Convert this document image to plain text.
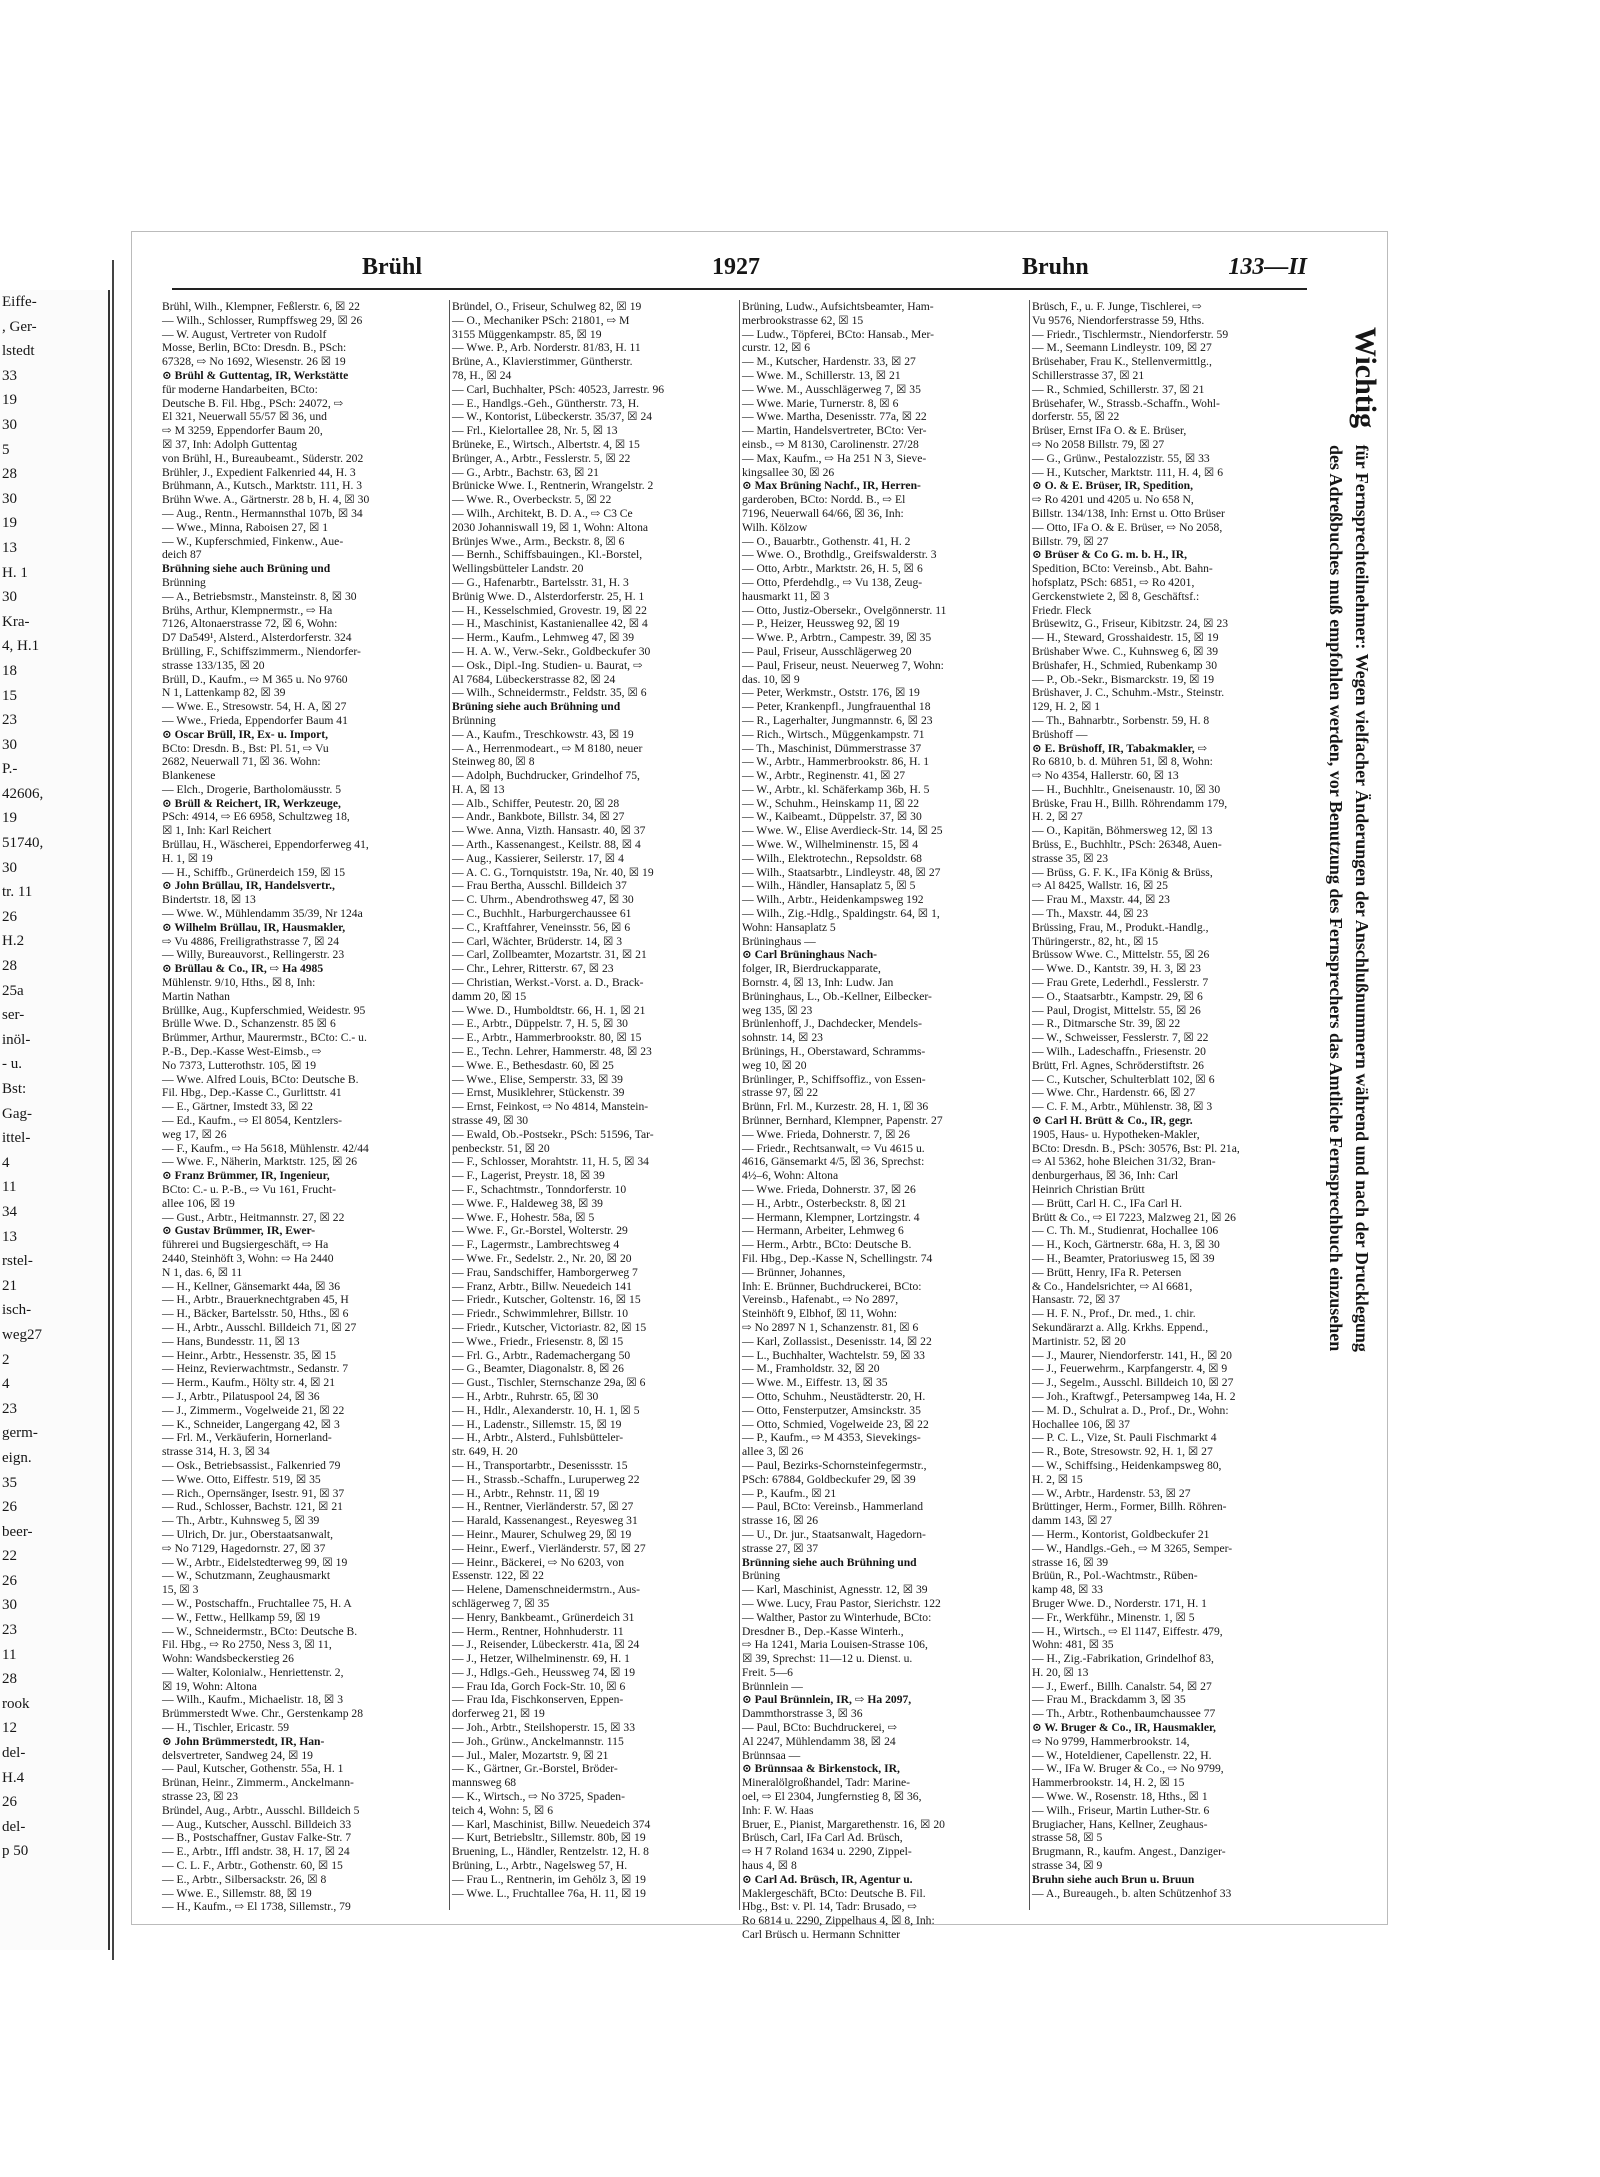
Eiffe-
, Ger-
lstedt
33
19
30
5
28
30
19
13
H. 1
30
Kra-
4, H.1
18
15
23
30
P.-
42606,
19
51740,
30
tr. 11
26
H.2
28
25a
ser-
inöl-
- u.
Bst:
Gag-
ittel-
4
11
34
13
rstel-
21
isch-
weg27
2
4
23
germ-
eign.
35
26
beer-
22
26
30
23
11
28
rook
12
del-
H.4
26
del-
p 50
Brühl	1927	Bruhn	133—II
Brühl, Wilh., Klempner, Feßlerstr. 6, ☒ 22
— Wilh., Schlosser, Rumpffsweg 29, ☒ 26
— W. August, Vertreter von Rudolf
Mosse, Berlin, BCto: Dresdn. B., PSch:
67328, ⇨ No 1692, Wiesenstr. 26 ☒ 19
⊙ Brühl & Guttentag, IR, Werkstätte
für moderne Handarbeiten, BCto:
Deutsche B. Fil. Hbg., PSch: 24072, ⇨
El 321, Neuerwall 55/57 ☒ 36, und
⇨ M 3259, Eppendorfer Baum 20,
☒ 37, Inh: Adolph Guttentag
von Brühl, H., Bureaubeamt., Süderstr. 202
Brühler, J., Expedient Falkenried 44, H. 3
Brühmann, A., Kutsch., Marktstr. 111, H. 3
Brühn Wwe. A., Gärtnerstr. 28 b, H. 4, ☒ 30
— Aug., Rentn., Hermannsthal 107b, ☒ 34
— Wwe., Minna, Raboisen 27, ☒ 1
— W., Kupferschmied, Finkenw., Aue-
deich 87
Brühning siehe auch Brüning und
Brünning
— A., Betriebsmstr., Mansteinstr. 8, ☒ 30
Brühs, Arthur, Klempnermstr., ⇨ Ha
7126, Altonaerstrasse 72, ☒ 6, Wohn:
D7 Da549¹, Alsterd., Alsterdorferstr. 324
Brülling, F., Schiffszimmerm., Niendorfer-
strasse 133/135, ☒ 20
Brüll, D., Kaufm., ⇨ M 365 u. No 9760
N 1, Lattenkamp 82, ☒ 39
— Wwe. E., Stresowstr. 54, H. A, ☒ 27
— Wwe., Frieda, Eppendorfer Baum 41
⊙ Oscar Brüll, IR, Ex- u. Import,
BCto: Dresdn. B., Bst: Pl. 51, ⇨ Vu
2682, Neuerwall 71, ☒ 36. Wohn:
Blankenese
— Elch., Drogerie, Bartholomäusstr. 5
⊙ Brüll & Reichert, IR, Werkzeuge,
PSch: 4914, ⇨ E6 6958, Schultzweg 18,
☒ 1, Inh: Karl Reichert
Brüllau, H., Wäscherei, Eppendorferweg 41,
H. 1, ☒ 19
— H., Schiffb., Grünerdeich 159, ☒ 15
⊙ John Brüllau, IR, Handelsvertr.,
Bindertstr. 18, ☒ 13
— Wwe. W., Mühlendamm 35/39, Nr 124a
⊙ Wilhelm Brüllau, IR, Hausmakler,
⇨ Vu 4886, Freiligrathstrasse 7, ☒ 24
— Willy, Bureauvorst., Rellingerstr. 23
⊙ Brüllau & Co., IR, ⇨ Ha 4985
Mühlenstr. 9/10, Hths., ☒ 8, Inh:
Martin Nathan
Brüllke, Aug., Kupferschmied, Weidestr. 95
Brülle Wwe. D., Schanzenstr. 85 ☒ 6
Brümmer, Arthur, Maurermstr., BCto: C.- u.
P.-B., Dep.-Kasse West-Eimsb., ⇨
No 7373, Lutterothstr. 105, ☒ 19
— Wwe. Alfred Louis, BCto: Deutsche B.
Fil. Hbg., Dep.-Kasse C., Gurlittstr. 41
— E., Gärtner, Imstedt 33, ☒ 22
— Ed., Kaufm., ⇨ El 8054, Kentzlers-
weg 17, ☒ 26
— F., Kaufm., ⇨ Ha 5618, Mühlenstr. 42/44
— Wwe. F., Näherin, Marktstr. 125, ☒ 26
⊙ Franz Brümmer, IR, Ingenieur,
BCto: C.- u. P.-B., ⇨ Vu 161, Frucht-
allee 106, ☒ 19
— Gust., Arbtr., Heitmannstr. 27, ☒ 22
⊙ Gustav Brümmer, IR, Ewer-
führerei und Bugsiergeschäft, ⇨ Ha
2440, Steinhöft 3, Wohn: ⇨ Ha 2440
N 1, das. 6, ☒ 11
— H., Kellner, Gänsemarkt 44a, ☒ 36
— H., Arbtr., Brauerknechtgraben 45, H
— H., Bäcker, Bartelsstr. 50, Hths., ☒ 6
— H., Arbtr., Ausschl. Billdeich 71, ☒ 27
— Hans, Bundesstr. 11, ☒ 13
— Heinr., Arbtr., Hessenstr. 35, ☒ 15
— Heinz, Revierwachtmstr., Sedanstr. 7
— Herm., Kaufm., Hölty str. 4, ☒ 21
— J., Arbtr., Pilatuspool 24, ☒ 36
— J., Zimmerm., Vogelweide 21, ☒ 22
— K., Schneider, Langergang 42, ☒ 3
— Frl. M., Verkäuferin, Hornerland-
strasse 314, H. 3, ☒ 34
— Osk., Betriebsassist., Falkenried 79
— Wwe. Otto, Eiffestr. 519, ☒ 35
— Rich., Opernsänger, Isestr. 91, ☒ 37
— Rud., Schlosser, Bachstr. 121, ☒ 21
— Th., Arbtr., Kuhnsweg 5, ☒ 39
— Ulrich, Dr. jur., Oberstaatsanwalt,
⇨ No 7129, Hagedornstr. 27, ☒ 37
— W., Arbtr., Eidelstedterweg 99, ☒ 19
— W., Schutzmann, Zeughausmarkt
15, ☒ 3
— W., Postschaffn., Fruchtallee 75, H. A
— W., Fettw., Hellkamp 59, ☒ 19
— W., Schneidermstr., BCto: Deutsche B.
Fil. Hbg., ⇨ Ro 2750, Ness 3, ☒ 11,
Wohn: Wandsbeckerstieg 26
— Walter, Kolonialw., Henriettenstr. 2,
☒ 19, Wohn: Altona
— Wilh., Kaufm., Michaelistr. 18, ☒ 3
Brümmerstedt Wwe. Chr., Gerstenkamp 28
— H., Tischler, Ericastr. 59
⊙ John Brümmerstedt, IR, Han-
delsvertreter, Sandweg 24, ☒ 19
— Paul, Kutscher, Gothenstr. 55a, H. 1
Brünan, Heinr., Zimmerm., Anckelmann-
strasse 23, ☒ 23
Bründel, Aug., Arbtr., Ausschl. Billdeich 5
— Aug., Kutscher, Ausschl. Billdeich 33
— B., Postschaffner, Gustav Falke-Str. 7
— E., Arbtr., Iffl andstr. 38, H. 17, ☒ 24
— C. L. F., Arbtr., Gothenstr. 60, ☒ 15
— E., Arbtr., Silbersackstr. 26, ☒ 8
— Wwe. E., Sillemstr. 88, ☒ 19
— H., Kaufm., ⇨ El 1738, Sillemstr., 79
Bründel, O., Friseur, Schulweg 82, ☒ 19
— O., Mechaniker PSch: 21801, ⇨ M
3155 Müggenkampstr. 85, ☒ 19
— Wwe. P., Arb. Norderstr. 81/83, H. 11
Brüne, A., Klavierstimmer, Güntherstr.
78, H., ☒ 24
— Carl, Buchhalter, PSch: 40523, Jarrestr. 96
— E., Handlgs.-Geh., Güntherstr. 73, H.
— W., Kontorist, Lübeckerstr. 35/37, ☒ 24
— Frl., Kielortallee 28, Nr. 5, ☒ 13
Brüneke, E., Wirtsch., Albertstr. 4, ☒ 15
Brünger, A., Arbtr., Fesslerstr. 5, ☒ 22
— G., Arbtr., Bachstr. 63, ☒ 21
Brünicke Wwe. I., Rentnerin, Wrangelstr. 2
— Wwe. R., Overbeckstr. 5, ☒ 22
— Wilh., Architekt, B. D. A., ⇨ C3 Ce
2030 Johanniswall 19, ☒ 1, Wohn: Altona
Brünjes Wwe., Arm., Beckstr. 8, ☒ 6
— Bernh., Schiffsbauingen., Kl.-Borstel,
Wellingsbütteler Landstr. 20
— G., Hafenarbtr., Bartelsstr. 31, H. 3
Brünig Wwe. D., Alsterdorferstr. 25, H. 1
— H., Kesselschmied, Grovestr. 19, ☒ 22
— H., Maschinist, Kastanienallee 42, ☒ 4
— Herm., Kaufm., Lehmweg 47, ☒ 39
— H. A. W., Verw.-Sekr., Goldbeckufer 30
— Osk., Dipl.-Ing. Studien- u. Baurat, ⇨
Al 7684, Lübeckerstrasse 82, ☒ 24
— Wilh., Schneidermstr., Feldstr. 35, ☒ 6
Brüning siehe auch Brühning und
Brünning
— A., Kaufm., Treschkowstr. 43, ☒ 19
— A., Herrenmodeart., ⇨ M 8180, neuer
Steinweg 80, ☒ 8
— Adolph, Buchdrucker, Grindelhof 75,
H. A, ☒ 13
— Alb., Schiffer, Peutestr. 20, ☒ 28
— Andr., Bankbote, Billstr. 34, ☒ 27
— Wwe. Anna, Vizth. Hansastr. 40, ☒ 37
— Arth., Kassenangest., Keilstr. 88, ☒ 4
— Aug., Kassierer, Seilerstr. 17, ☒ 4
— A. C. G., Tornquiststr. 19a, Nr. 40, ☒ 19
— Frau Bertha, Ausschl. Billdeich 37
— C. Uhrm., Abendrothsweg 47, ☒ 30
— C., Buchhlt., Harburgerchaussee 61
— C., Kraftfahrer, Veneinsstr. 56, ☒ 6
— Carl, Wächter, Brüderstr. 14, ☒ 3
— Carl, Zollbeamter, Mozartstr. 31, ☒ 21
— Chr., Lehrer, Ritterstr. 67, ☒ 23
— Christian, Werkst.-Vorst. a. D., Brack-
damm 20, ☒ 15
— Wwe. D., Humboldtstr. 66, H. 1, ☒ 21
— E., Arbtr., Düppelstr. 7, H. 5, ☒ 30
— E., Arbtr., Hammerbrookstr. 80, ☒ 15
— E., Techn. Lehrer, Hammerstr. 48, ☒ 23
— Wwe. E., Bethesdastr. 60, ☒ 25
— Wwe., Elise, Semperstr. 33, ☒ 39
— Ernst, Musiklehrer, Stückenstr. 39
— Ernst, Feinkost, ⇨ No 4814, Manstein-
strasse 49, ☒ 30
— Ewald, Ob.-Postsekr., PSch: 51596, Tar-
penbeckstr. 51, ☒ 20
— F., Schlosser, Morahtstr. 11, H. 5, ☒ 34
— F., Lagerist, Preystr. 18, ☒ 39
— F., Schachtmstr., Tonndorferstr. 10
— Wwe. F., Haldeweg 38, ☒ 39
— Wwe. F., Hohestr. 58a, ☒ 5
— Wwe. F., Gr.-Borstel, Wolterstr. 29
— F., Lagermstr., Lambrechtsweg 4
— Wwe. Fr., Sedelstr. 2., Nr. 20, ☒ 20
— Frau, Sandschiffer, Hamborgerweg 7
— Franz, Arbtr., Billw. Neuedeich 141
— Friedr., Kutscher, Goltenstr. 16, ☒ 15
— Friedr., Schwimmlehrer, Billstr. 10
— Friedr., Kutscher, Victoriastr. 82, ☒ 15
— Wwe., Friedr., Friesenstr. 8, ☒ 15
— Frl. G., Arbtr., Rademachergang 50
— G., Beamter, Diagonalstr. 8, ☒ 26
— Gust., Tischler, Sternschanze 29a, ☒ 6
— H., Arbtr., Ruhrstr. 65, ☒ 30
— H., Hdlr., Alexanderstr. 10, H. 1, ☒ 5
— H., Ladenstr., Sillemstr. 15, ☒ 19
— H., Arbtr., Alsterd., Fuhlsbütteler-
str. 649, H. 20
— H., Transportarbtr., Desenissstr. 15
— H., Strassb.-Schaffn., Luruperweg 22
— H., Arbtr., Rehnstr. 11, ☒ 19
— H., Rentner, Vierländerstr. 57, ☒ 27
— Harald, Kassenangest., Reyesweg 31
— Heinr., Maurer, Schulweg 29, ☒ 19
— Heinr., Ewerf., Vierländerstr. 57, ☒ 27
— Heinr., Bäckerei, ⇨ No 6203, von
Essenstr. 122, ☒ 22
— Helene, Damenschneidermstrn., Aus-
schlägerweg 7, ☒ 35
— Henry, Bankbeamt., Grünerdeich 31
— Herm., Rentner, Hohnhuderstr. 11
— J., Reisender, Lübeckerstr. 41a, ☒ 24
— J., Hetzer, Wilhelminenstr. 69, H. 1
— J., Hdlgs.-Geh., Heussweg 74, ☒ 19
— Frau Ida, Gorch Fock-Str. 10, ☒ 6
— Frau Ida, Fischkonserven, Eppen-
dorferweg 21, ☒ 19
— Joh., Arbtr., Steilshoperstr. 15, ☒ 33
— Joh., Grünw., Anckelmannstr. 115
— Jul., Maler, Mozartstr. 9, ☒ 21
— K., Gärtner, Gr.-Borstel, Bröder-
mannsweg 68
— K., Wirtsch., ⇨ No 3725, Spaden-
teich 4, Wohn: 5, ☒ 6
— Karl, Maschinist, Billw. Neuedeich 374
— Kurt, Betriebsltr., Sillemstr. 80b, ☒ 19
Bruening, L., Händler, Rentzelstr. 12, H. 8
Brüning, L., Arbtr., Nagelsweg 57, H.
— Frau L., Rentnerin, im Gehölz 3, ☒ 19
— Wwe. L., Fruchtallee 76a, H. 11, ☒ 19
Brüning, Ludw., Aufsichtsbeamter, Ham-
merbrookstrasse 62, ☒ 15
— Ludw., Töpferei, BCto: Hansab., Mer-
curstr. 12, ☒ 6
— M., Kutscher, Hardenstr. 33, ☒ 27
— Wwe. M., Schillerstr. 13, ☒ 21
— Wwe. M., Ausschlägerweg 7, ☒ 35
— Wwe. Marie, Turnerstr. 8, ☒ 6
— Wwe. Martha, Desenisstr. 77a, ☒ 22
— Martin, Handelsvertreter, BCto: Ver-
einsb., ⇨ M 8130, Carolinenstr. 27/28
— Max, Kaufm., ⇨ Ha 251 N 3, Sieve-
kingsallee 30, ☒ 26
⊙ Max Brüning Nachf., IR, Herren-
garderoben, BCto: Nordd. B., ⇨ El
7196, Neuerwall 64/66, ☒ 36, Inh:
Wilh. Kölzow
— O., Bauarbtr., Gothenstr. 41, H. 2
— Wwe. O., Brothdlg., Greifswalderstr. 3
— Otto, Arbtr., Marktstr. 26, H. 5, ☒ 6
— Otto, Pferdehdlg., ⇨ Vu 138, Zeug-
hausmarkt 11, ☒ 3
— Otto, Justiz-Obersekr., Ovelgönnerstr. 11
— P., Heizer, Heussweg 92, ☒ 19
— Wwe. P., Arbtrn., Campestr. 39, ☒ 35
— Paul, Friseur, Ausschlägerweg 20
— Paul, Friseur, neust. Neuerweg 7, Wohn:
das. 10, ☒ 9
— Peter, Werkmstr., Oststr. 176, ☒ 19
— Peter, Krankenpfl., Jungfrauenthal 18
— R., Lagerhalter, Jungmannstr. 6, ☒ 23
— Rich., Wirtsch., Müggenkampstr. 71
— Th., Maschinist, Dümmerstrasse 37
— W., Arbtr., Hammerbrookstr. 86, H. 1
— W., Arbtr., Reginenstr. 41, ☒ 27
— W., Arbtr., kl. Schäferkamp 36b, H. 5
— W., Schuhm., Heinskamp 11, ☒ 22
— W., Kaibeamt., Düppelstr. 37, ☒ 30
— Wwe. W., Elise Averdieck-Str. 14, ☒ 25
— Wwe. W., Wilhelminenstr. 15, ☒ 4
— Wilh., Elektrotechn., Repsoldstr. 68
— Wilh., Staatsarbtr., Lindleystr. 48, ☒ 27
— Wilh., Händler, Hansaplatz 5, ☒ 5
— Wilh., Arbtr., Heidenkampsweg 192
— Wilh., Zig.-Hdlg., Spaldingstr. 64, ☒ 1,
Wohn: Hansaplatz 5
Brüninghaus —
⊙ Carl Brüninghaus Nach-
folger, IR, Bierdruckapparate,
Bornstr. 4, ☒ 13, Inh: Ludw. Jan
Brüninghaus, L., Ob.-Kellner, Eilbecker-
weg 135, ☒ 23
Brünlenhoff, J., Dachdecker, Mendels-
sohnstr. 14, ☒ 23
Brünings, H., Oberstaward, Schramms-
weg 10, ☒ 20
Brünlinger, P., Schiffsoffiz., von Essen-
strasse 97, ☒ 22
Brünn, Frl. M., Kurzestr. 28, H. 1, ☒ 36
Brünner, Bernhard, Klempner, Papenstr. 27
— Wwe. Frieda, Dohnerstr. 7, ☒ 26
— Friedr., Rechtsanwalt, ⇨ Vu 4615 u.
4616, Gänsemarkt 4/5, ☒ 36, Sprechst:
4½–6, Wohn: Altona
— Wwe. Frieda, Dohnerstr. 37, ☒ 26
— H., Arbtr., Osterbeckstr. 8, ☒ 21
— Hermann, Klempner, Lortzingstr. 4
— Hermann, Arbeiter, Lehmweg 6
— Herm., Arbtr., BCto: Deutsche B.
Fil. Hbg., Dep.-Kasse N, Schellingstr. 74
— Brünner, Johannes,
Inh: E. Brünner, Buchdruckerei, BCto:
Vereinsb., Hafenabt., ⇨ No 2897,
Steinhöft 9, Elbhof, ☒ 11, Wohn:
⇨ No 2897 N 1, Schanzenstr. 81, ☒ 6
— Karl, Zollassist., Desenisstr. 14, ☒ 22
— L., Buchhalter, Wachtelstr. 59, ☒ 33
— M., Framholdstr. 32, ☒ 20
— Wwe. M., Eiffestr. 13, ☒ 35
— Otto, Schuhm., Neustädterstr. 20, H.
— Otto, Fensterputzer, Amsinckstr. 35
— Otto, Schmied, Vogelweide 23, ☒ 22
— P., Kaufm., ⇨ M 4353, Sievekings-
allee 3, ☒ 26
— Paul, Bezirks-Schornsteinfegermstr.,
PSch: 67884, Goldbeckufer 29, ☒ 39
— P., Kaufm., ☒ 21
— Paul, BCto: Vereinsb., Hammerland
strasse 16, ☒ 26
— U., Dr. jur., Staatsanwalt, Hagedorn-
strasse 27, ☒ 37
Brünning siehe auch Brühning und
Brüning
— Karl, Maschinist, Agnesstr. 12, ☒ 39
— Wwe. Lucy, Frau Pastor, Sierichstr. 122
— Walther, Pastor zu Winterhude, BCto:
Dresdner B., Dep.-Kasse Winterh.,
⇨ Ha 1241, Maria Louisen-Strasse 106,
☒ 39, Sprechst: 11—12 u. Dienst. u.
Freit. 5—6
Brünnlein —
⊙ Paul Brünnlein, IR, ⇨ Ha 2097,
Dammthorstrasse 3, ☒ 36
— Paul, BCto: Buchdruckerei, ⇨
Al 2247, Mühlendamm 38, ☒ 24
Brünnsaa —
⊙ Brünnsaa & Birkenstock, IR,
Mineralölgroßhandel, Tadr: Marine-
oel, ⇨ El 2304, Jungfernstieg 8, ☒ 36,
Inh: F. W. Haas
Bruer, E., Pianist, Margarethenstr. 16, ☒ 20
Brüsch, Carl, IFa Carl Ad. Brüsch,
⇨ H 7 Roland 1634 u. 2290, Zippel-
haus 4, ☒ 8
⊙ Carl Ad. Brüsch, IR, Agentur u.
Maklergeschäft, BCto: Deutsche B. Fil.
Hbg., Bst: v. Pl. 14, Tadr: Brusado, ⇨
Ro 6814 u. 2290, Zippelhaus 4, ☒ 8, Inh:
Carl Brüsch u. Hermann Schnitter
Brüsch, F., u. F. Junge, Tischlerei, ⇨
Vu 9576, Niendorferstrasse 59, Hths.
— Friedr., Tischlermstr., Niendorferstr. 59
— M., Seemann Lindleystr. 109, ☒ 27
Brüsehaber, Frau K., Stellenvermittlg.,
Schillerstrasse 37, ☒ 21
— R., Schmied, Schillerstr. 37, ☒ 21
Brüsehafer, W., Strassb.-Schaffn., Wohl-
dorferstr. 55, ☒ 22
Brüser, Ernst IFa O. & E. Brüser,
⇨ No 2058 Billstr. 79, ☒ 27
— G., Grünw., Pestalozzistr. 55, ☒ 33
— H., Kutscher, Marktstr. 111, H. 4, ☒ 6
⊙ O. & E. Brüser, IR, Spedition,
⇨ Ro 4201 und 4205 u. No 658 N,
Billstr. 134/138, Inh: Ernst u. Otto Brüser
— Otto, IFa O. & E. Brüser, ⇨ No 2058,
Billstr. 79, ☒ 27
⊙ Brüser & Co G. m. b. H., IR,
Spedition, BCto: Vereinsb., Abt. Bahn-
hofsplatz, PSch: 6851, ⇨ Ro 4201,
Gerckenstwiete 2, ☒ 8, Geschäftsf.:
Friedr. Fleck
Brüsewitz, G., Friseur, Kibitzstr. 24, ☒ 23
— H., Steward, Grosshaidestr. 15, ☒ 19
Brüshaber Wwe. C., Kuhnsweg 6, ☒ 39
Brüshafer, H., Schmied, Rubenkamp 30
— P., Ob.-Sekr., Bismarckstr. 19, ☒ 19
Brüshaver, J. C., Schuhm.-Mstr., Steinstr.
129, H. 2, ☒ 1
— Th., Bahnarbtr., Sorbenstr. 59, H. 8
Brüshoff —
⊙ E. Brüshoff, IR, Tabakmakler, ⇨
Ro 6810, b. d. Mühren 51, ☒ 8, Wohn:
⇨ No 4354, Hallerstr. 60, ☒ 13
— H., Buchhltr., Gneisenaustr. 10, ☒ 30
Brüske, Frau H., Billh. Röhrendamm 179,
H. 2, ☒ 27
— O., Kapitän, Böhmersweg 12, ☒ 13
Brüss, E., Buchhltr., PSch: 26348, Auen-
strasse 35, ☒ 23
— Brüss, G. F. K., IFa König & Brüss,
⇨ Al 8425, Wallstr. 16, ☒ 25
— Frau M., Maxstr. 44, ☒ 23
— Th., Maxstr. 44, ☒ 23
Brüssing, Frau, M., Produkt.-Handlg.,
Thüringerstr., 82, ht., ☒ 15
Brüssow Wwe. C., Mittelstr. 55, ☒ 26
— Wwe. D., Kantstr. 39, H. 3, ☒ 23
— Frau Grete, Lederhdl., Fesslerstr. 7
— O., Staatsarbtr., Kampstr. 29, ☒ 6
— Paul, Drogist, Mittelstr. 55, ☒ 26
— R., Ditmarsche Str. 39, ☒ 22
— W., Schweisser, Fesslerstr. 7, ☒ 22
— Wilh., Ladeschaffn., Friesenstr. 20
Brütt, Frl. Agnes, Schröderstiftstr. 26
— C., Kutscher, Schulterblatt 102, ☒ 6
— Wwe. Chr., Hardenstr. 66, ☒ 27
— C. F. M., Arbtr., Mühlenstr. 38, ☒ 3
⊙ Carl H. Brütt & Co., IR, gegr.
1905, Haus- u. Hypotheken-Makler,
BCto: Dresdn. B., PSch: 30576, Bst: Pl. 21a,
⇨ Al 5362, hohe Bleichen 31/32, Bran-
denburgerhaus, ☒ 36, Inh: Carl
Heinrich Christian Brütt
— Brütt, Carl H. C., IFa Carl H.
Brütt & Co., ⇨ El 7223, Malzweg 21, ☒ 26
— C. Th. M., Studienrat, Hochallee 106
— H., Koch, Gärtnerstr. 68a, H. 3, ☒ 30
— H., Beamter, Pratoriusweg 15, ☒ 39
— Brütt, Henry, IFa R. Petersen
& Co., Handelsrichter, ⇨ Al 6681,
Hansastr. 72, ☒ 37
— H. F. N., Prof., Dr. med., 1. chir.
Sekundärarzt a. Allg. Krkhs. Eppend.,
Martinistr. 52, ☒ 20
— J., Maurer, Niendorferstr. 141, H., ☒ 20
— J., Feuerwehrm., Karpfangerstr. 4, ☒ 9
— J., Segelm., Ausschl. Billdeich 10, ☒ 27
— Joh., Kraftwgf., Petersampweg 14a, H. 2
— M. D., Schulrat a. D., Prof., Dr., Wohn:
Hochallee 106, ☒ 37
— P. C. L., Vize, St. Pauli Fischmarkt 4
— R., Bote, Stresowstr. 92, H. 1, ☒ 27
— W., Schiffsing., Heidenkampsweg 80,
H. 2, ☒ 15
— W., Arbtr., Hardenstr. 53, ☒ 27
Brüttinger, Herm., Former, Billh. Röhren-
damm 143, ☒ 27
— Herm., Kontorist, Goldbeckufer 21
— W., Handlgs.-Geh., ⇨ M 3265, Semper-
strasse 16, ☒ 39
Brüün, R., Pol.-Wachtmstr., Rüben-
kamp 48, ☒ 33
Bruger Wwe. D., Norderstr. 171, H. 1
— Fr., Werkführ., Minenstr. 1, ☒ 5
— H., Wirtsch., ⇨ El 1147, Eiffestr. 479,
Wohn: 481, ☒ 35
— H., Zig.-Fabrikation, Grindelhof 83,
H. 20, ☒ 13
— J., Ewerf., Billh. Canalstr. 54, ☒ 27
— Frau M., Brackdamm 3, ☒ 35
— Th., Arbtr., Rothenbaumchaussee 77
⊙ W. Bruger & Co., IR, Hausmakler,
⇨ No 9799, Hammerbrookstr. 14,
— W., Hoteldiener, Capellenstr. 22, H.
— W., IFa W. Bruger & Co., ⇨ No 9799,
Hammerbrookstr. 14, H. 2, ☒ 15
— Wwe. W., Rosenstr. 18, Hths., ☒ 1
— Wilh., Friseur, Martin Luther-Str. 6
Brugiacher, Hans, Kellner, Zeughaus-
strasse 58, ☒ 5
Brugmann, R., kaufm. Angest., Danziger-
strasse 34, ☒ 9
Bruhn siehe auch Brun u. Bruun
— A., Bureaugeh., b. alten Schützenhof 33
Wichtig für Fernsprechteilnehmer: Wegen vielfacher Änderungen der Anschlußnummern während und nach der Drucklegung
des Adreßbuches muß empfohlen werden, vor Benutzung des Fernsprechers das Amtliche Fernsprechbuch einzusehen
